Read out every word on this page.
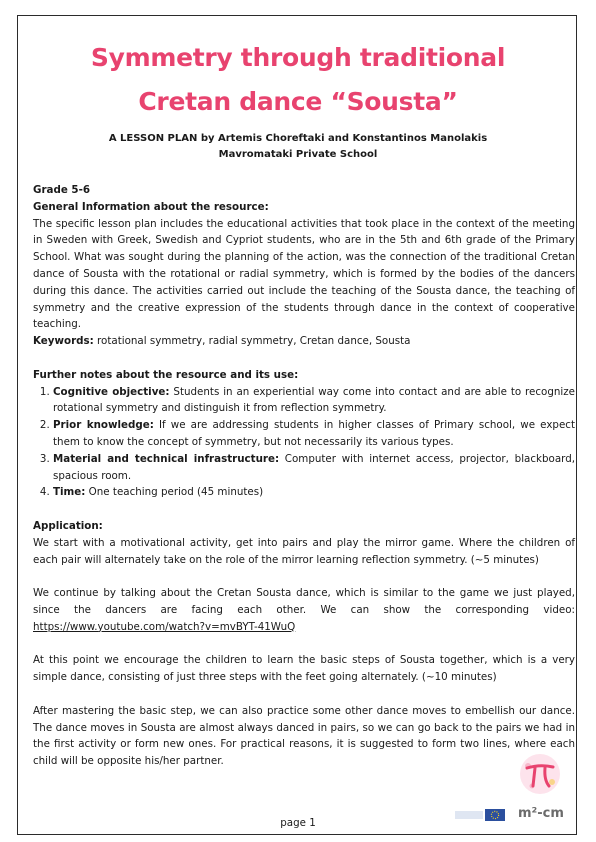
Symmetry through traditional
Cretan dance “Sousta”
A LESSON PLAN by Artemis Choreftaki and Konstantinos Manolakis
Mavromataki Private School

Grade 5-6

General Information about the resource:

The specific lesson plan includes the educational activities that took place in the context of the meeting in Sweden with Greek, Swedish and Cypriot students, who are in the 5th and 6th grade of the Primary School. What was sought during the planning of the action, was the connection of the traditional Cretan dance of Sousta with the rotational or radial symmetry, which is formed by the bodies of the dancers during this dance. The activities carried out include the teaching of the Sousta dance, the teaching of symmetry and the creative expression of the students through dance in the context of cooperative teaching.

Keywords: rotational symmetry, radial symmetry, Cretan dance, Sousta

Further notes about the resource and its use:

1. Cognitive objective: Students in an experiential way come into contact and are able to recognize rotational symmetry and distinguish it from reflection symmetry.
2. Prior knowledge: If we are addressing students in higher classes of Primary school, we expect them to know the concept of symmetry, but not necessarily its various types.
3. Material and technical infrastructure: Computer with internet access, projector, blackboard, spacious room.
4. Time: One teaching period (45 minutes)

Application:

We start with a motivational activity, get into pairs and play the mirror game. Where the children of each pair will alternately take on the role of the mirror learning reflection symmetry. (~5 minutes)

We continue by talking about the Cretan Sousta dance, which is similar to the game we just played, since the dancers are facing each other. We can show the corresponding video: https://www.youtube.com/watch?v=mvBYT-41WuQ

At this point we encourage the children to learn the basic steps of Sousta together, which is a very simple dance, consisting of just three steps with the feet going alternately. (~10 minutes)

After mastering the basic step, we can also practice some other dance moves to embellish our dance. The dance moves in Sousta are almost always danced in pairs, so we can go back to the pairs we had in the first activity or form new ones. For practical reasons, it is suggested to form two lines, where each child will be opposite his/her partner.

m²-cm
page 1
